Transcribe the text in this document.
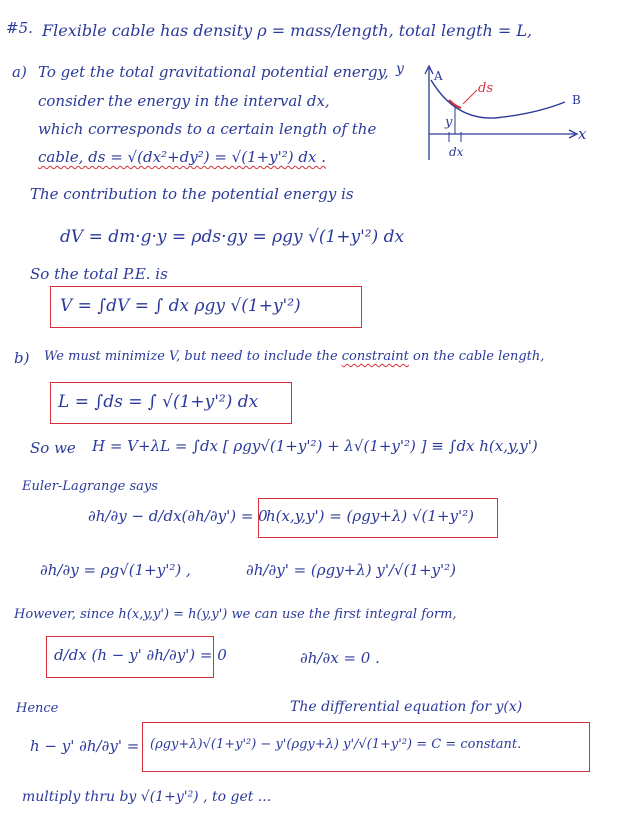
#5. Flexible cable has density ρ = mass/length, total length = L,
a) To get the total gravitational potential energy,
consider the energy in the interval dx,
which corresponds to a certain length of the
cable, ds = √(dx²+dy²) = √(1+y'²) dx .
y	A
ds
B
y
x
dx
The contribution to the potential energy is
dV = dm·g·y = ρds·gy = ρgy √(1+y'²) dx
So the total P.E. is
V = ∫dV = ∫ dx ρgy √(1+y'²)
b) We must minimize V, but need to include the constraint on the cable length,
L = ∫ds = ∫ √(1+y'²) dx
So we H = V+λL = ∫dx [ ρgy√(1+y'²) + λ√(1+y'²) ] ≡ ∫dx h(x,y,y')
Euler-Lagrange says
∂h/∂y − d/dx(∂h/∂y') = 0
h(x,y,y') = (ρgy+λ) √(1+y'²)
∂h/∂y = ρg√(1+y'²) ,	∂h/∂y' = (ρgy+λ) y'/√(1+y'²)
However, since h(x,y,y') = h(y,y') we can use the first integral form,
d/dx (h − y' ∂h/∂y') = 0	∂h/∂x = 0 .
Hence	The differential equation for y(x)
h − y' ∂h/∂y' = (ρgy+λ)√(1+y'²) − y'(ρgy+λ) y'/√(1+y'²) = C = constant.
multiply thru by √(1+y'²) , to get ...
